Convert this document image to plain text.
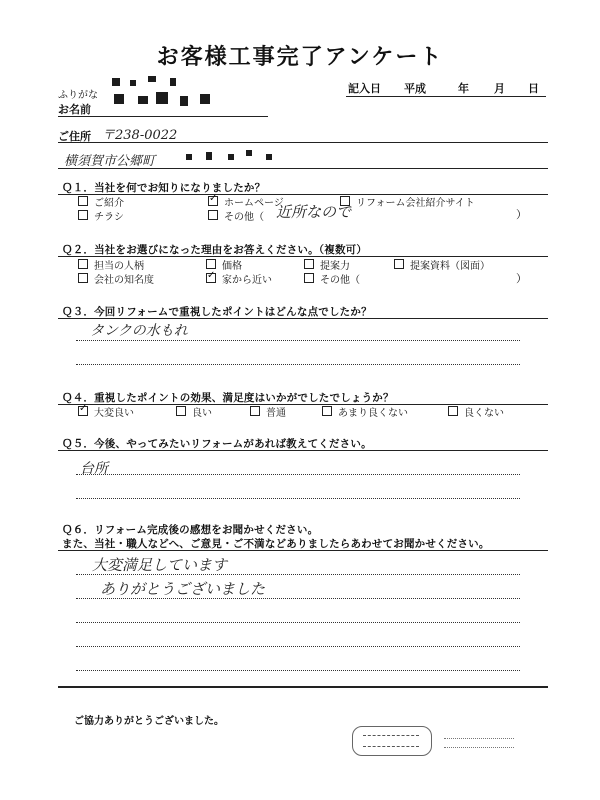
お客様工事完了アンケート
ふりがな
お名前
記入日 平成	年 月 日
ご住所 〒238-0022
横須賀市公郷町
Ｑ１．当社を何でお知りになりましたか？
ご紹介	✓ ホームページ	リフォーム会社紹介サイト
チラシ	その他（ 近所なので	）
Ｑ２．当社をお選びになった理由をお答えください。（複数可）
担当の人柄	価格	提案力	提案資料（図面）
会社の知名度	✓ 家から近い	その他（	）
Ｑ３．今回リフォームで重視したポイントはどんな点でしたか？
タンクの水もれ
Ｑ４．重視したポイントの効果、満足度はいかがでしたでしょうか？
✓ 大変良い	良い	普通	あまり良くない	良くない
Ｑ５．今後、やってみたいリフォームがあれば教えてください。
台所
Ｑ６．リフォーム完成後の感想をお聞かせください。
また、当社・職人などへ、ご意見・ご不満などありましたらあわせてお聞かせください。
大変満足しています
ありがとうございました
ご協力ありがとうございました。
